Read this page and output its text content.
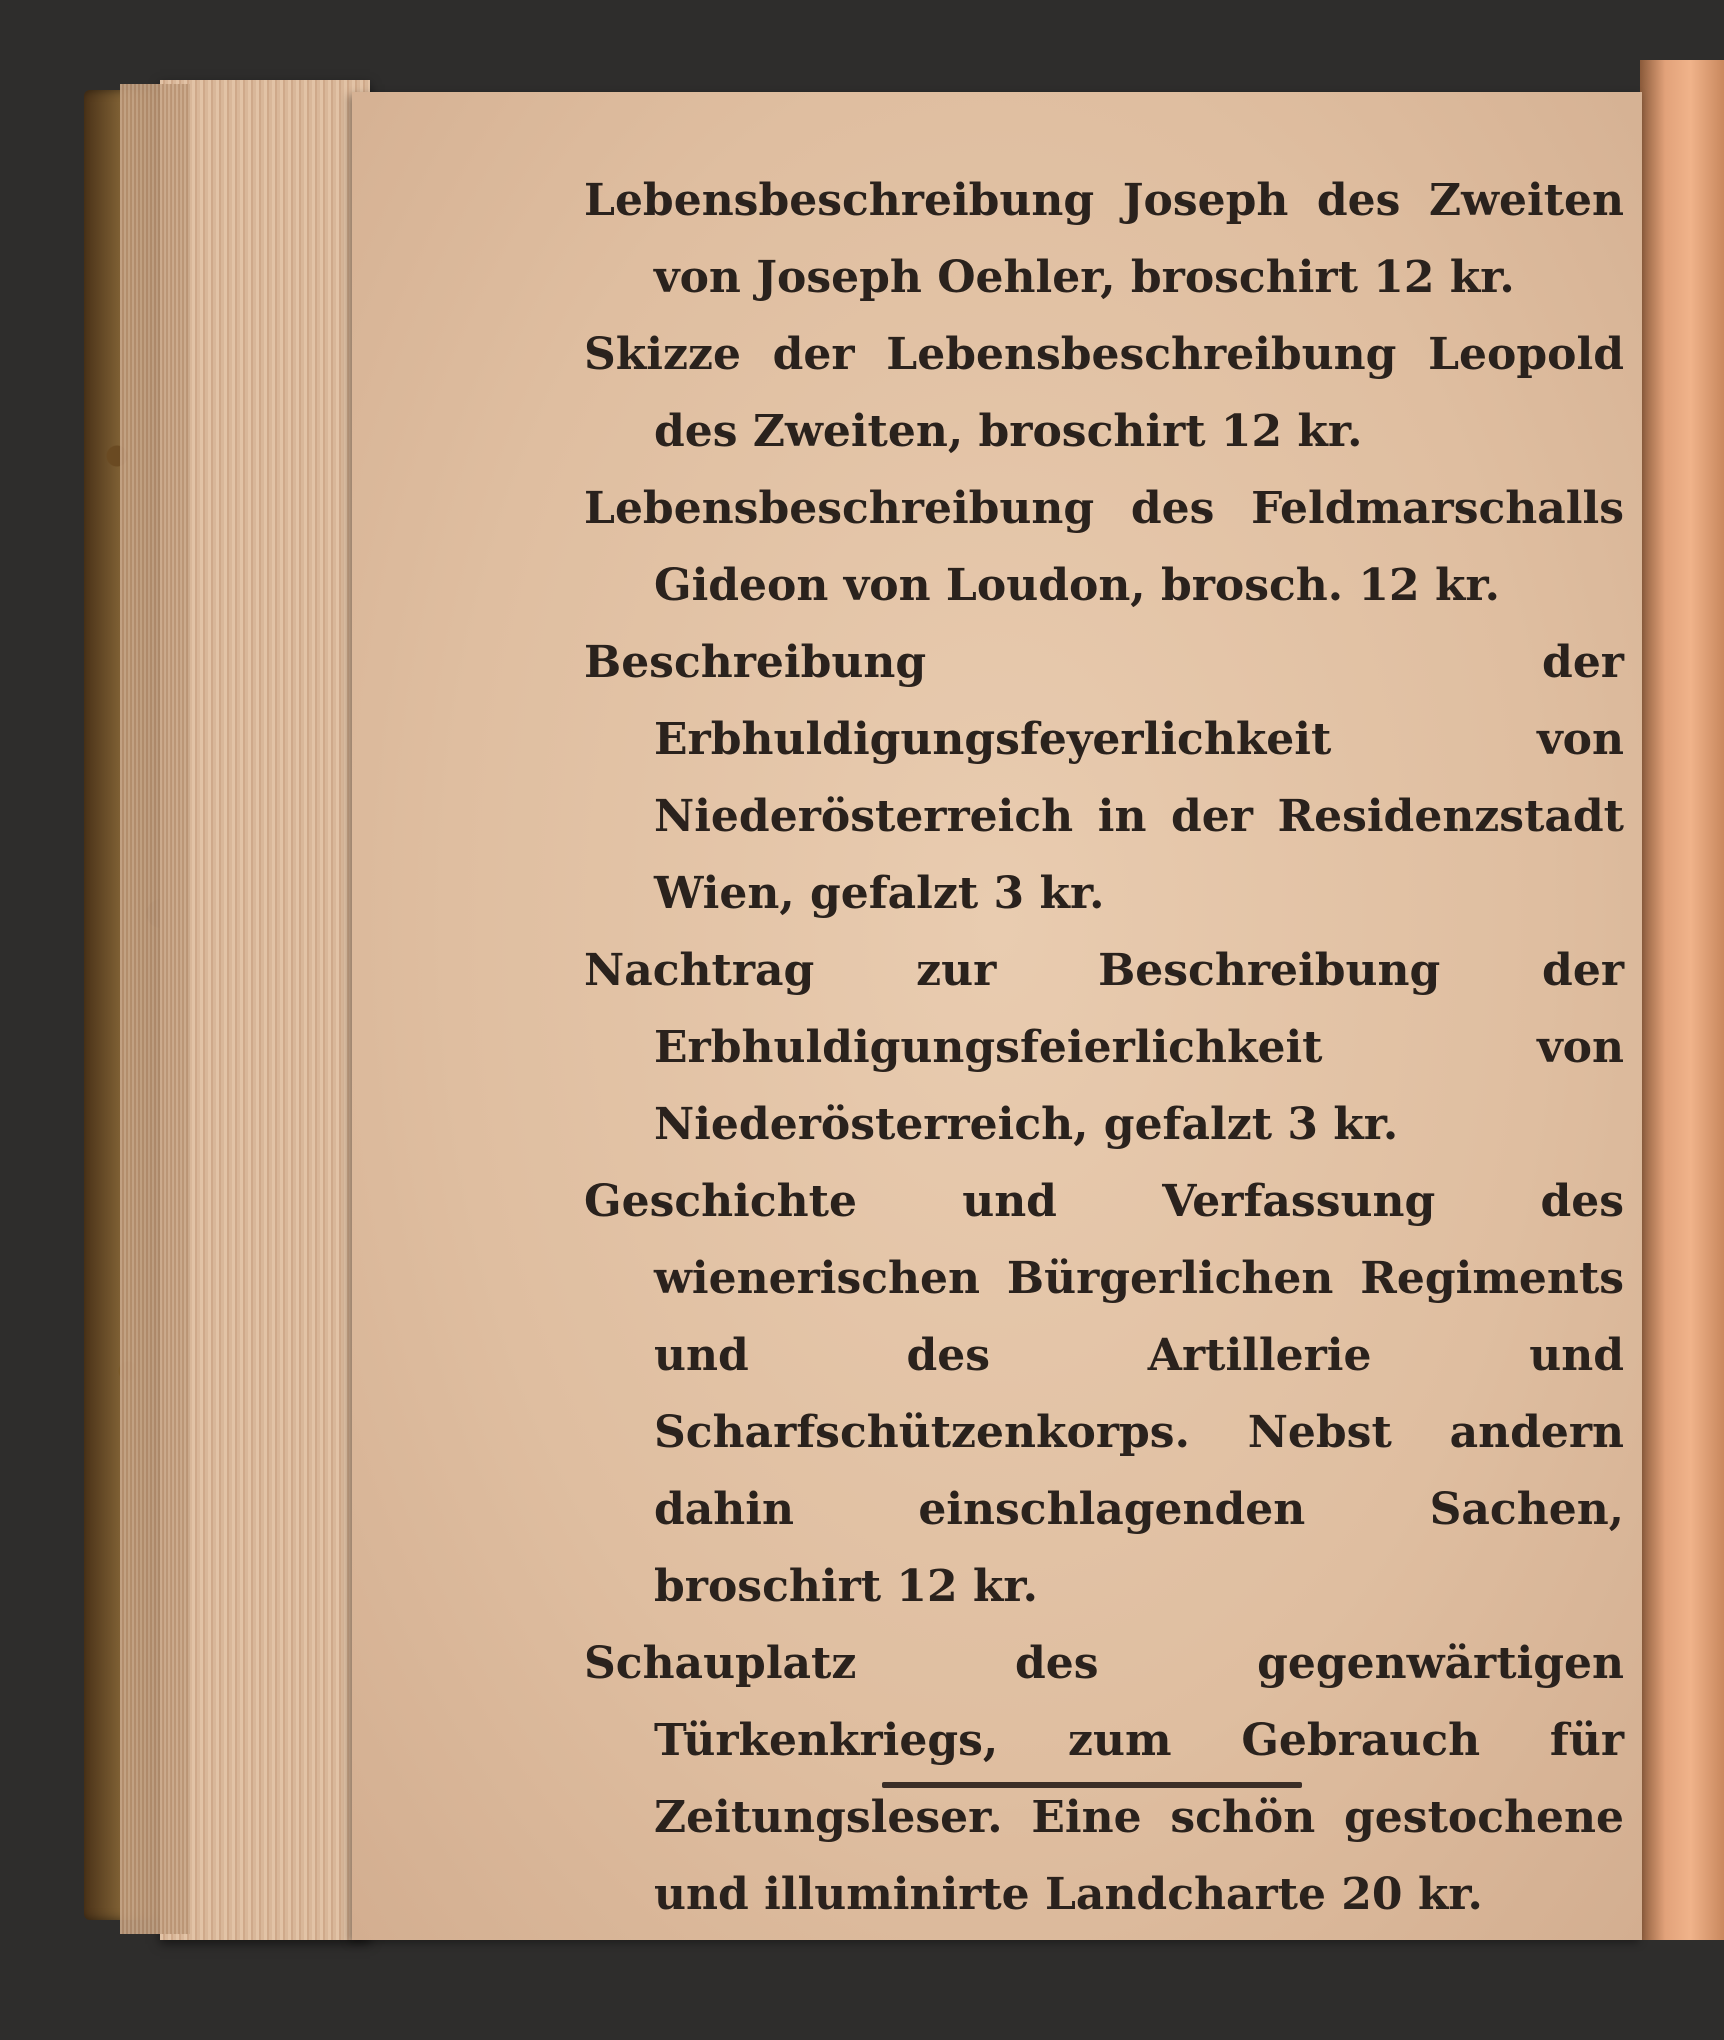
Lebensbeschreibung Joseph des Zweiten von Joseph Oehler, broschirt 12 kr.

Skizze der Lebensbeschreibung Leopold des Zweiten, broschirt 12 kr.

Lebensbeschreibung des Feldmarschalls Gideon von Loudon, brosch. 12 kr.

Beschreibung der Erbhuldigungsfeyerlichkeit von Niederösterreich in der Residenzstadt Wien, gefalzt 3 kr.

Nachtrag zur Beschreibung der Erbhuldigungsfeierlichkeit von Niederösterreich, gefalzt 3 kr.

Geschichte und Verfassung des wienerischen Bürgerlichen Regiments und des Artillerie und Scharfschützenkorps. Nebst andern dahin einschlagenden Sachen, broschirt 12 kr.

Schauplatz des gegenwärtigen Türkenkriegs, zum Gebrauch für Zeitungsleser. Eine schön gestochene und illuminirte Landcharte 20 kr.
